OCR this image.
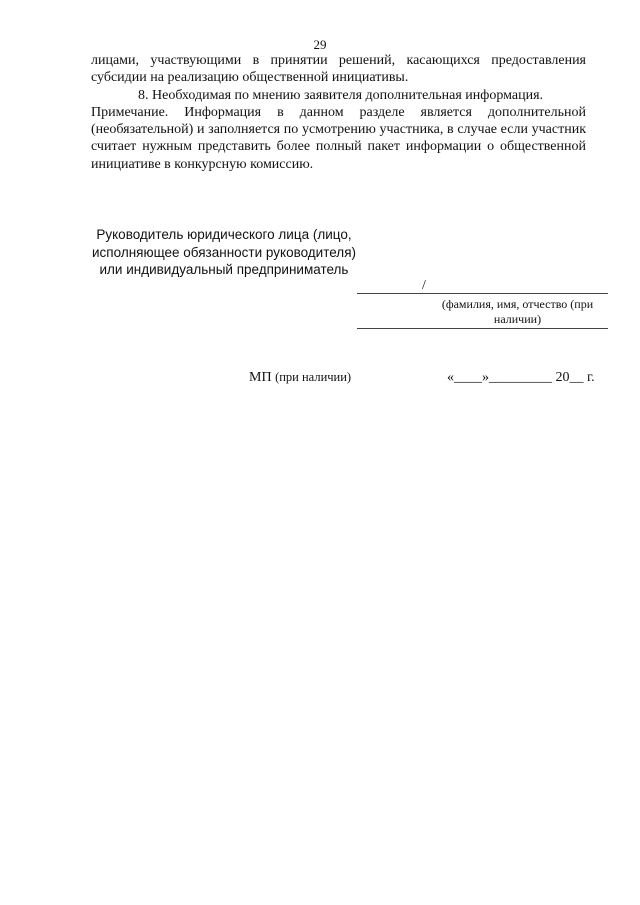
29

лицами, участвующими в принятии решений, касающихся предоставления субсидии на реализацию общественной инициативы.

8. Необходимая по мнению заявителя дополнительная информация.

Примечание. Информация в данном разделе является дополнительной (необязательной) и заполняется по усмотрению участника, в случае если участник считает нужным представить более полный пакет информации о общественной инициативе в конкурсную комиссию.

Руководитель юридического лица (лицо, исполняющее обязанности руководителя) или индивидуальный предприниматель
/
(фамилия, имя, отчество (при наличии)
МП (при наличии)	«____»_________ 20__ г.
